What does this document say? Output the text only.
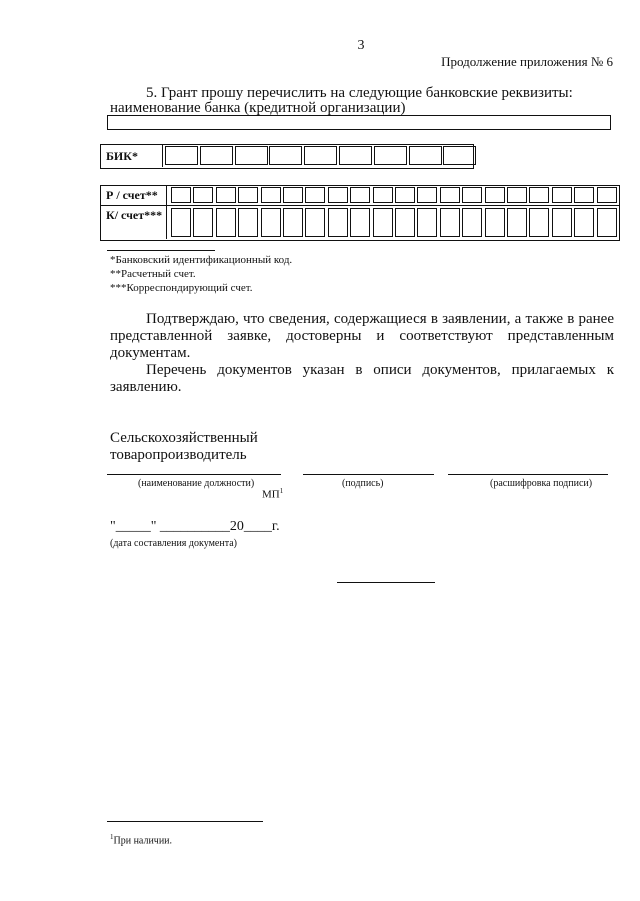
3
Продолжение приложения № 6
5. Грант прошу перечислить на следующие банковские реквизиты:
наименование банка (кредитной организации)
БИК*
Р / счет**
К/ счет***
*Банковский идентификационный код.
**Расчетный счет.
***Корреспондирующий счет.

Подтверждаю, что сведения, содержащиеся в заявлении, а также в ранее представленной заявке, достоверны и соответствуют представленным документам.

Перечень документов указан в описи документов, прилагаемых к заявлению.

Сельскохозяйственный
товаропроизводитель
(наименование должности)	(подпись)	(расшифровка подписи)
$МП^1$
"_____" __________20____г.
(дата составления документа)
$^1$При наличии.
